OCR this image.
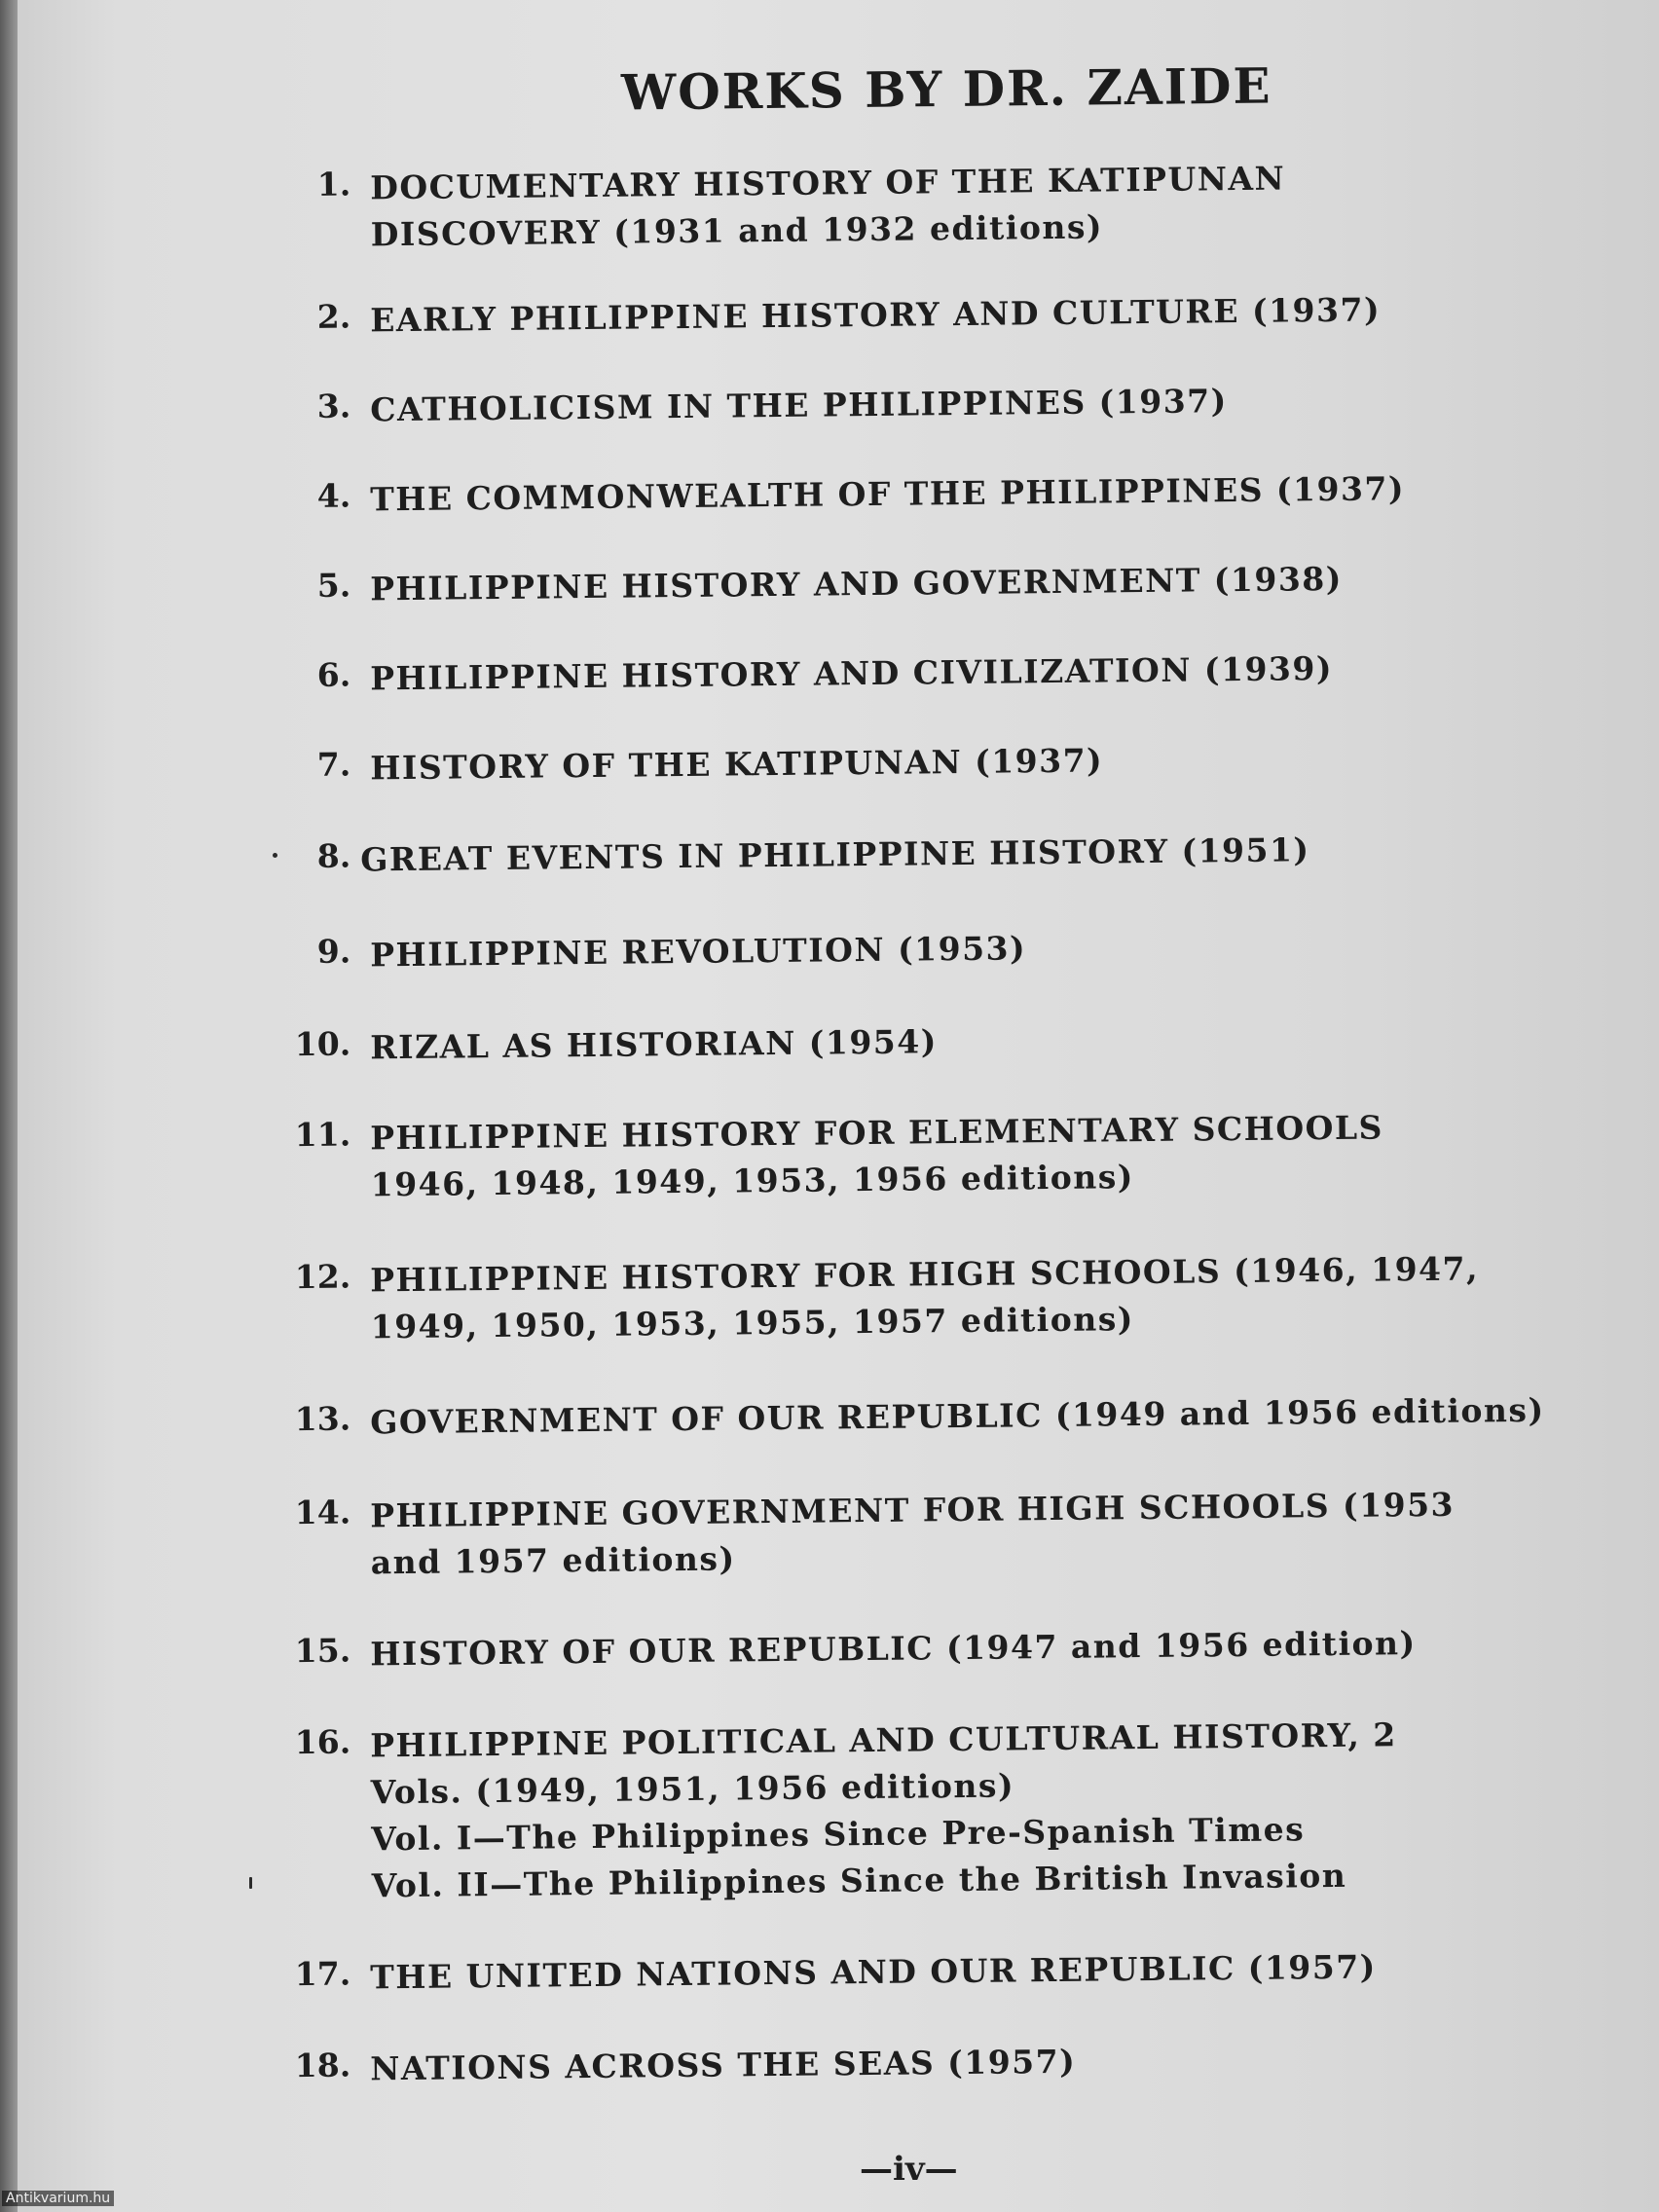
WORKS BY DR. ZAIDE
1. DOCUMENTARY HISTORY OF THE KATIPUNAN
DISCOVERY (1931 and 1932 editions)
2. EARLY PHILIPPINE HISTORY AND CULTURE (1937)
3. CATHOLICISM IN THE PHILIPPINES (1937)
4. THE COMMONWEALTH OF THE PHILIPPINES (1937)
5. PHILIPPINE HISTORY AND GOVERNMENT (1938)
6. PHILIPPINE HISTORY AND CIVILIZATION (1939)
7. HISTORY OF THE KATIPUNAN (1937)
8. GREAT EVENTS IN PHILIPPINE HISTORY (1951)
9. PHILIPPINE REVOLUTION (1953)
10. RIZAL AS HISTORIAN (1954)
11. PHILIPPINE HISTORY FOR ELEMENTARY SCHOOLS
1946, 1948, 1949, 1953, 1956 editions)
12. PHILIPPINE HISTORY FOR HIGH SCHOOLS (1946, 1947,
1949, 1950, 1953, 1955, 1957 editions)
13. GOVERNMENT OF OUR REPUBLIC (1949 and 1956 editions)
14. PHILIPPINE GOVERNMENT FOR HIGH SCHOOLS (1953
and 1957 editions)
15. HISTORY OF OUR REPUBLIC (1947 and 1956 edition)
16. PHILIPPINE POLITICAL AND CULTURAL HISTORY, 2
Vols. (1949, 1951, 1956 editions)
Vol. I—The Philippines Since Pre-Spanish Times
Vol. II—The Philippines Since the British Invasion
17. THE UNITED NATIONS AND OUR REPUBLIC (1957)
18. NATIONS ACROSS THE SEAS (1957)
—iv—
Antikvarium.hu
